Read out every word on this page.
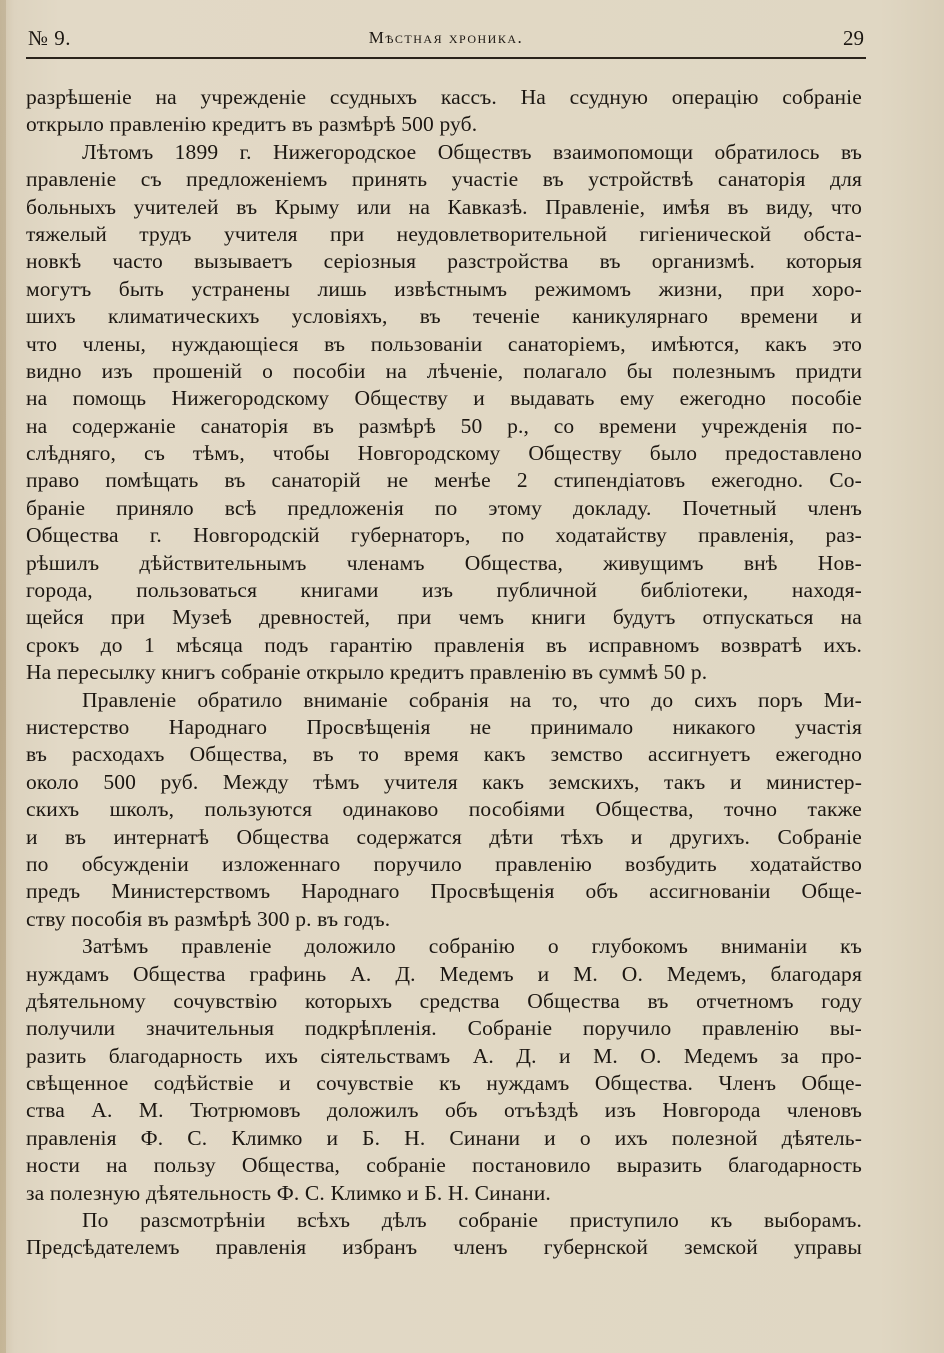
№ 9.	Мѣстная хроника.	29
разрѣшеніе на учрежденіе ссудныхъ кассъ. На ссудную операцію собраніе
открыло правленію кредитъ въ размѣрѣ 500 руб.
Лѣтомъ 1899 г. Нижегородское Обществъ взаимопомощи обратилось въ
правленіе съ предложеніемъ принять участіе въ устройствѣ санаторія для
больныхъ учителей въ Крыму или на Кавказѣ. Правленіе, имѣя въ виду, что
тяжелый трудъ учителя при неудовлетворительной гигіенической обста-
новкѣ часто вызываетъ серіозныя разстройства въ организмѣ. которыя
могутъ быть устранены лишь извѣстнымъ режимомъ жизни, при хоро-
шихъ климатическихъ условіяхъ, въ теченіе каникулярнаго времени и
что члены, нуждающіеся въ пользованіи санаторіемъ, имѣются, какъ это
видно изъ прошеній о пособіи на лѣченіе, полагало бы полезнымъ придти
на помощь Нижегородскому Обществу и выдавать ему ежегодно пособіе
на содержаніе санаторія въ размѣрѣ 50 р., со времени учрежденія по-
слѣдняго, съ тѣмъ, чтобы Новгородскому Обществу было предоставлено
право помѣщать въ санаторій не менѣе 2 стипендіатовъ ежегодно. Со-
браніе приняло всѣ предложенія по этому докладу. Почетный членъ
Общества г. Новгородскій губернаторъ, по ходатайству правленія, раз-
рѣшилъ дѣйствительнымъ членамъ Общества, живущимъ внѣ Нов-
города, пользоваться книгами изъ публичной библіотеки, находя-
щейся при Музеѣ древностей, при чемъ книги будутъ отпускаться на
срокъ до 1 мѣсяца подъ гарантію правленія въ исправномъ возвратѣ ихъ.
На пересылку книгъ собраніе открыло кредитъ правленію въ суммѣ 50 р.
Правленіе обратило вниманіе собранія на то, что до сихъ поръ Ми-
нистерство Народнаго Просвѣщенія не принимало никакого участія
въ расходахъ Общества, въ то время какъ земство ассигнуетъ ежегодно
около 500 руб. Между тѣмъ учителя какъ земскихъ, такъ и министер-
скихъ школъ, пользуются одинаково пособіями Общества, точно также
и въ интернатѣ Общества содержатся дѣти тѣхъ и другихъ. Собраніе
по обсужденіи изложеннаго поручило правленію возбудить ходатайство
предъ Министерствомъ Народнаго Просвѣщенія объ ассигнованіи Обще-
ству пособія въ размѣрѣ 300 р. въ годъ.
Затѣмъ правленіе доложило собранію о глубокомъ вниманіи къ
нуждамъ Общества графинь А. Д. Медемъ и М. О. Медемъ, благодаря
дѣятельному сочувствію которыхъ средства Общества въ отчетномъ году
получили значительныя подкрѣпленія. Собраніе поручило правленію вы-
разить благодарность ихъ сіятельствамъ А. Д. и М. О. Медемъ за про-
свѣщенное содѣйствіе и сочувствіе къ нуждамъ Общества. Членъ Обще-
ства А. М. Тютрюмовъ доложилъ объ отъѣздѣ изъ Новгорода членовъ
правленія Ф. С. Климко и Б. Н. Синани и о ихъ полезной дѣятель-
ности на пользу Общества, собраніе постановило выразить благодарность
за полезную дѣятельность Ф. С. Климко и Б. Н. Синани.
По разсмотрѣніи всѣхъ дѣлъ собраніе приступило къ выборамъ.
Предсѣдателемъ правленія избранъ членъ губернской земской управы
